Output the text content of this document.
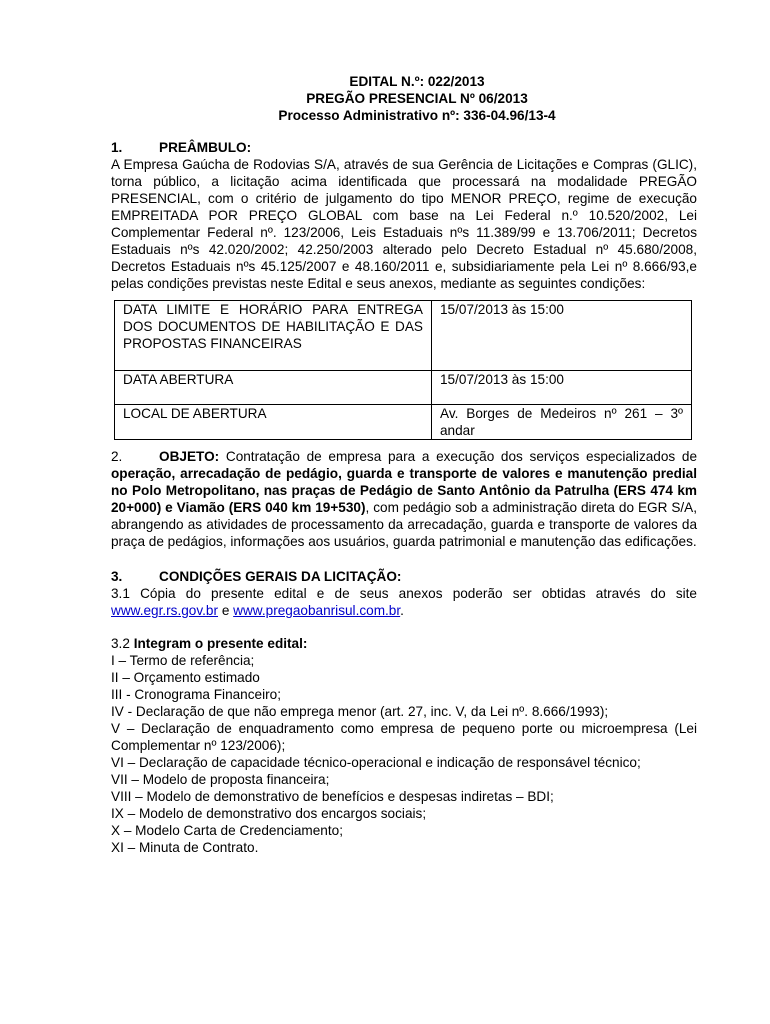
EDITAL N.º: 022/2013
PREGÃO PRESENCIAL Nº 06/2013
Processo Administrativo nº: 336-04.96/13-4
1.	PREÂMBULO:
A Empresa Gaúcha de Rodovias S/A, através de sua Gerência de Licitações e Compras (GLIC), torna público, a licitação acima identificada que processará na modalidade PREGÃO PRESENCIAL, com o critério de julgamento do tipo MENOR PREÇO, regime de execução EMPREITADA POR PREÇO GLOBAL com base na Lei Federal n.º 10.520/2002, Lei Complementar Federal nº. 123/2006, Leis Estaduais nºs 11.389/99 e 13.706/2011; Decretos Estaduais nºs 42.020/2002; 42.250/2003 alterado pelo Decreto Estadual nº 45.680/2008, Decretos Estaduais nºs 45.125/2007 e 48.160/2011 e, subsidiariamente pela Lei nº 8.666/93,e pelas condições previstas neste Edital e seus anexos, mediante as seguintes condições:
DATA LIMITE E HORÁRIO PARA ENTREGA DOS DOCUMENTOS DE HABILITAÇÃO E DAS PROPOSTAS FINANCEIRAS	15/07/2013 às 15:00
DATA ABERTURA	15/07/2013 às 15:00
LOCAL DE ABERTURA	Av. Borges de Medeiros nº 261 – 3º andar
2.	OBJETO: Contratação de empresa para a execução dos serviços especializados de operação, arrecadação de pedágio, guarda e transporte de valores e manutenção predial no Polo Metropolitano, nas praças de Pedágio de Santo Antônio da Patrulha (ERS 474 km 20+000) e Viamão (ERS 040 km 19+530), com pedágio sob a administração direta do EGR S/A, abrangendo as atividades de processamento da arrecadação, guarda e transporte de valores da praça de pedágios, informações aos usuários, guarda patrimonial e manutenção das edificações.
3.	CONDIÇÕES GERAIS DA LICITAÇÃO:
3.1 Cópia do presente edital e de seus anexos poderão ser obtidas através do site www.egr.rs.gov.br e www.pregaobanrisul.com.br.
3.2 Integram o presente edital:
I – Termo de referência;
II – Orçamento estimado
III - Cronograma Financeiro;
IV - Declaração de que não emprega menor (art. 27, inc. V, da Lei nº. 8.666/1993);
V – Declaração de enquadramento como empresa de pequeno porte ou microempresa (Lei Complementar nº 123/2006);
VI – Declaração de capacidade técnico-operacional e indicação de responsável técnico;
VII – Modelo de proposta financeira;
VIII – Modelo de demonstrativo de benefícios e despesas indiretas – BDI;
IX – Modelo de demonstrativo dos encargos sociais;
X – Modelo Carta de Credenciamento;
XI – Minuta de Contrato.
